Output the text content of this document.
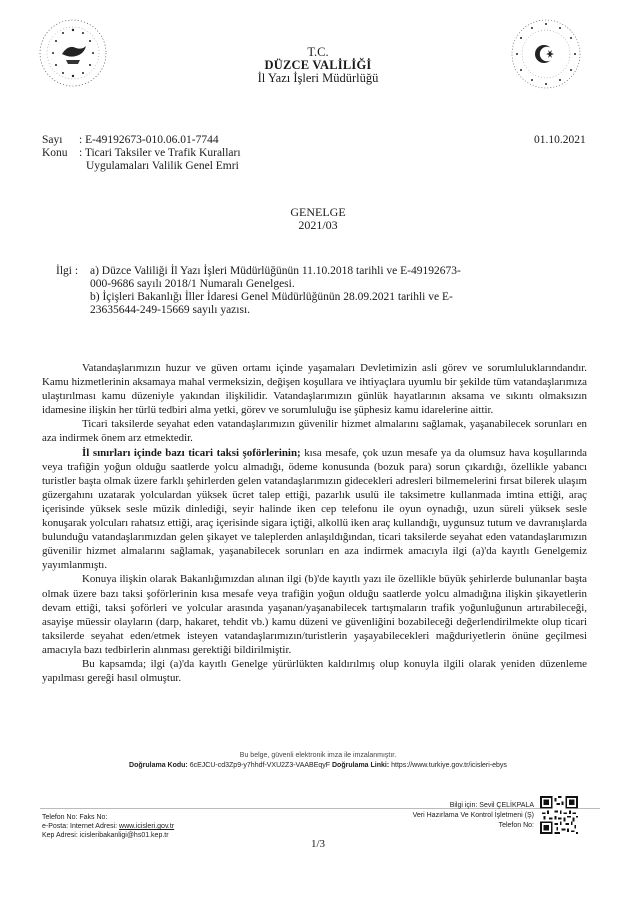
T.C.
DÜZCE VALİLİĞİ
İl Yazı İşleri Müdürlüğü
Sayı : E-49192673-010.06.01-7744	01.10.2021
Konu : Ticari Taksiler ve Trafik Kuralları
Uygulamaları Valilik Genel Emri
GENELGE
2021/03
İlgi : a) Düzce Valiliği İl Yazı İşleri Müdürlüğünün 11.10.2018 tarihli ve E-49192673-
000-9686 sayılı 2018/1 Numaralı Genelgesi.
b) İçişleri Bakanlığı İller İdaresi Genel Müdürlüğünün 28.09.2021 tarihli ve E-
23635644-249-15669 sayılı yazısı.

Vatandaşlarımızın huzur ve güven ortamı içinde yaşamaları Devletimizin asli görev ve sorumluluklarındandır. Kamu hizmetlerinin aksamaya mahal vermeksizin, değişen koşullara ve ihtiyaçlara uyumlu bir şekilde tüm vatandaşlarımıza ulaştırılması kamu düzeniyle yakından ilişkilidir. Vatandaşlarımızın günlük hayatlarının aksama ve sıkıntı olmaksızın idamesine ilişkin her türlü tedbiri alma yetki, görev ve sorumluluğu ise şüphesiz kamu idarelerine aittir.

Ticari taksilerde seyahat eden vatandaşlarımızın güvenilir hizmet almalarını sağlamak, yaşanabilecek sorunları en aza indirmek önem arz etmektedir.

İl sınırları içinde bazı ticari taksi şoförlerinin; kısa mesafe, çok uzun mesafe ya da olumsuz hava koşullarında veya trafiğin yoğun olduğu saatlerde yolcu almadığı, ödeme konusunda (bozuk para) sorun çıkardığı, özellikle yabancı turistler başta olmak üzere farklı şehirlerden gelen vatandaşlarımızın gidecekleri adresleri bilmemelerini fırsat bilerek ulaşım güzergahını uzatarak yolculardan yüksek ücret talep ettiği, pazarlık usulü ile taksimetre kullanmada imtina ettiği, araç içerisinde yüksek sesle müzik dinlediği, seyir halinde iken cep telefonu ile oyun oynadığı, uzun süreli yüksek sesle konuşarak yolcuları rahatsız ettiği, araç içerisinde sigara içtiği, alkollü iken araç kullandığı, uygunsuz tutum ve davranışlarda bulunduğu vatandaşlarımızdan gelen şikayet ve taleplerden anlaşıldığından, ticari taksilerde seyahat eden vatandaşlarımızın güvenilir hizmet almalarını sağlamak, yaşanabilecek sorunları en aza indirmek amacıyla ilgi (a)'da kayıtlı Genelgemiz yayımlanmıştı.

Konuya ilişkin olarak Bakanlığımızdan alınan ilgi (b)'de kayıtlı yazı ile özellikle büyük şehirlerde bulunanlar başta olmak üzere bazı taksi şoförlerinin kısa mesafe veya trafiğin yoğun olduğu saatlerde yolcu almadığına ilişkin şikayetlerin devam ettiği, taksi şoförleri ve yolcular arasında yaşanan/yaşanabilecek tartışmaların trafik yoğunluğunun artırabileceği, asayişe müessir olayların (darp, hakaret, tehdit vb.) kamu düzeni ve güvenliğini bozabileceği değerlendirilmekte olup ticari taksilerde seyahat eden/etmek isteyen vatandaşlarımızın/turistlerin yaşayabilecekleri mağduriyetlerin önüne geçilmesi amacıyla bazı tedbirlerin alınması gerektiği bildirilmiştir.

Bu kapsamda; ilgi (a)'da kayıtlı Genelge yürürlükten kaldırılmış olup konuyla ilgili olarak yeniden düzenleme yapılması gereği hasıl olmuştur.

Bu belge, güvenli elektronik imza ile imzalanmıştır.
Doğrulama Kodu: 6cEJCU-cd3Zp9-y7hhdf-VXU2Z3-VAABEqyF Doğrulama Linki: https://www.turkiye.gov.tr/icisleri-ebys
Telefon No: Faks No:
e-Posta: Internet Adresi: www.icisleri.gov.tr
Kep Adresi: icisleribakanligi@hs01.kep.tr
Bilgi için: Sevil ÇELİKPALA
Veri Hazırlama Ve Kontrol İşletmeni (Ş)
Telefon No:
1/3
